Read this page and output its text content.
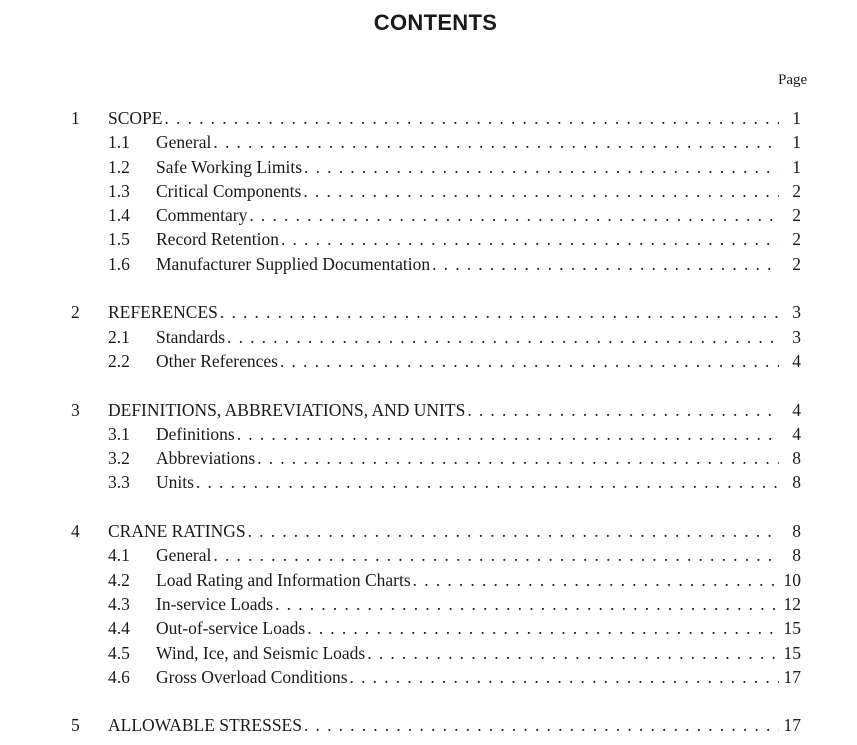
CONTENTS
Page
1 SCOPE . . .	1
1.1 General . . .	1
1.2 Safe Working Limits . . .	1
1.3 Critical Components . . .	2
1.4 Commentary . . .	2
1.5 Record Retention . . .	2
1.6 Manufacturer Supplied Documentation . . .	2
2 REFERENCES . . .	3
2.1 Standards . . .	3
2.2 Other References . . .	4
3 DEFINITIONS, ABBREVIATIONS, AND UNITS . . .	4
3.1 Definitions . . .	4
3.2 Abbreviations . . .	8
3.3 Units . . .	8
4 CRANE RATINGS . . .	8
4.1 General . . .	8
4.2 Load Rating and Information Charts . . .	10
4.3 In-service Loads . . .	12
4.4 Out-of-service Loads . . .	15
4.5 Wind, Ice, and Seismic Loads . . .	15
4.6 Gross Overload Conditions . . .	17
5 ALLOWABLE STRESSES . . .	17
